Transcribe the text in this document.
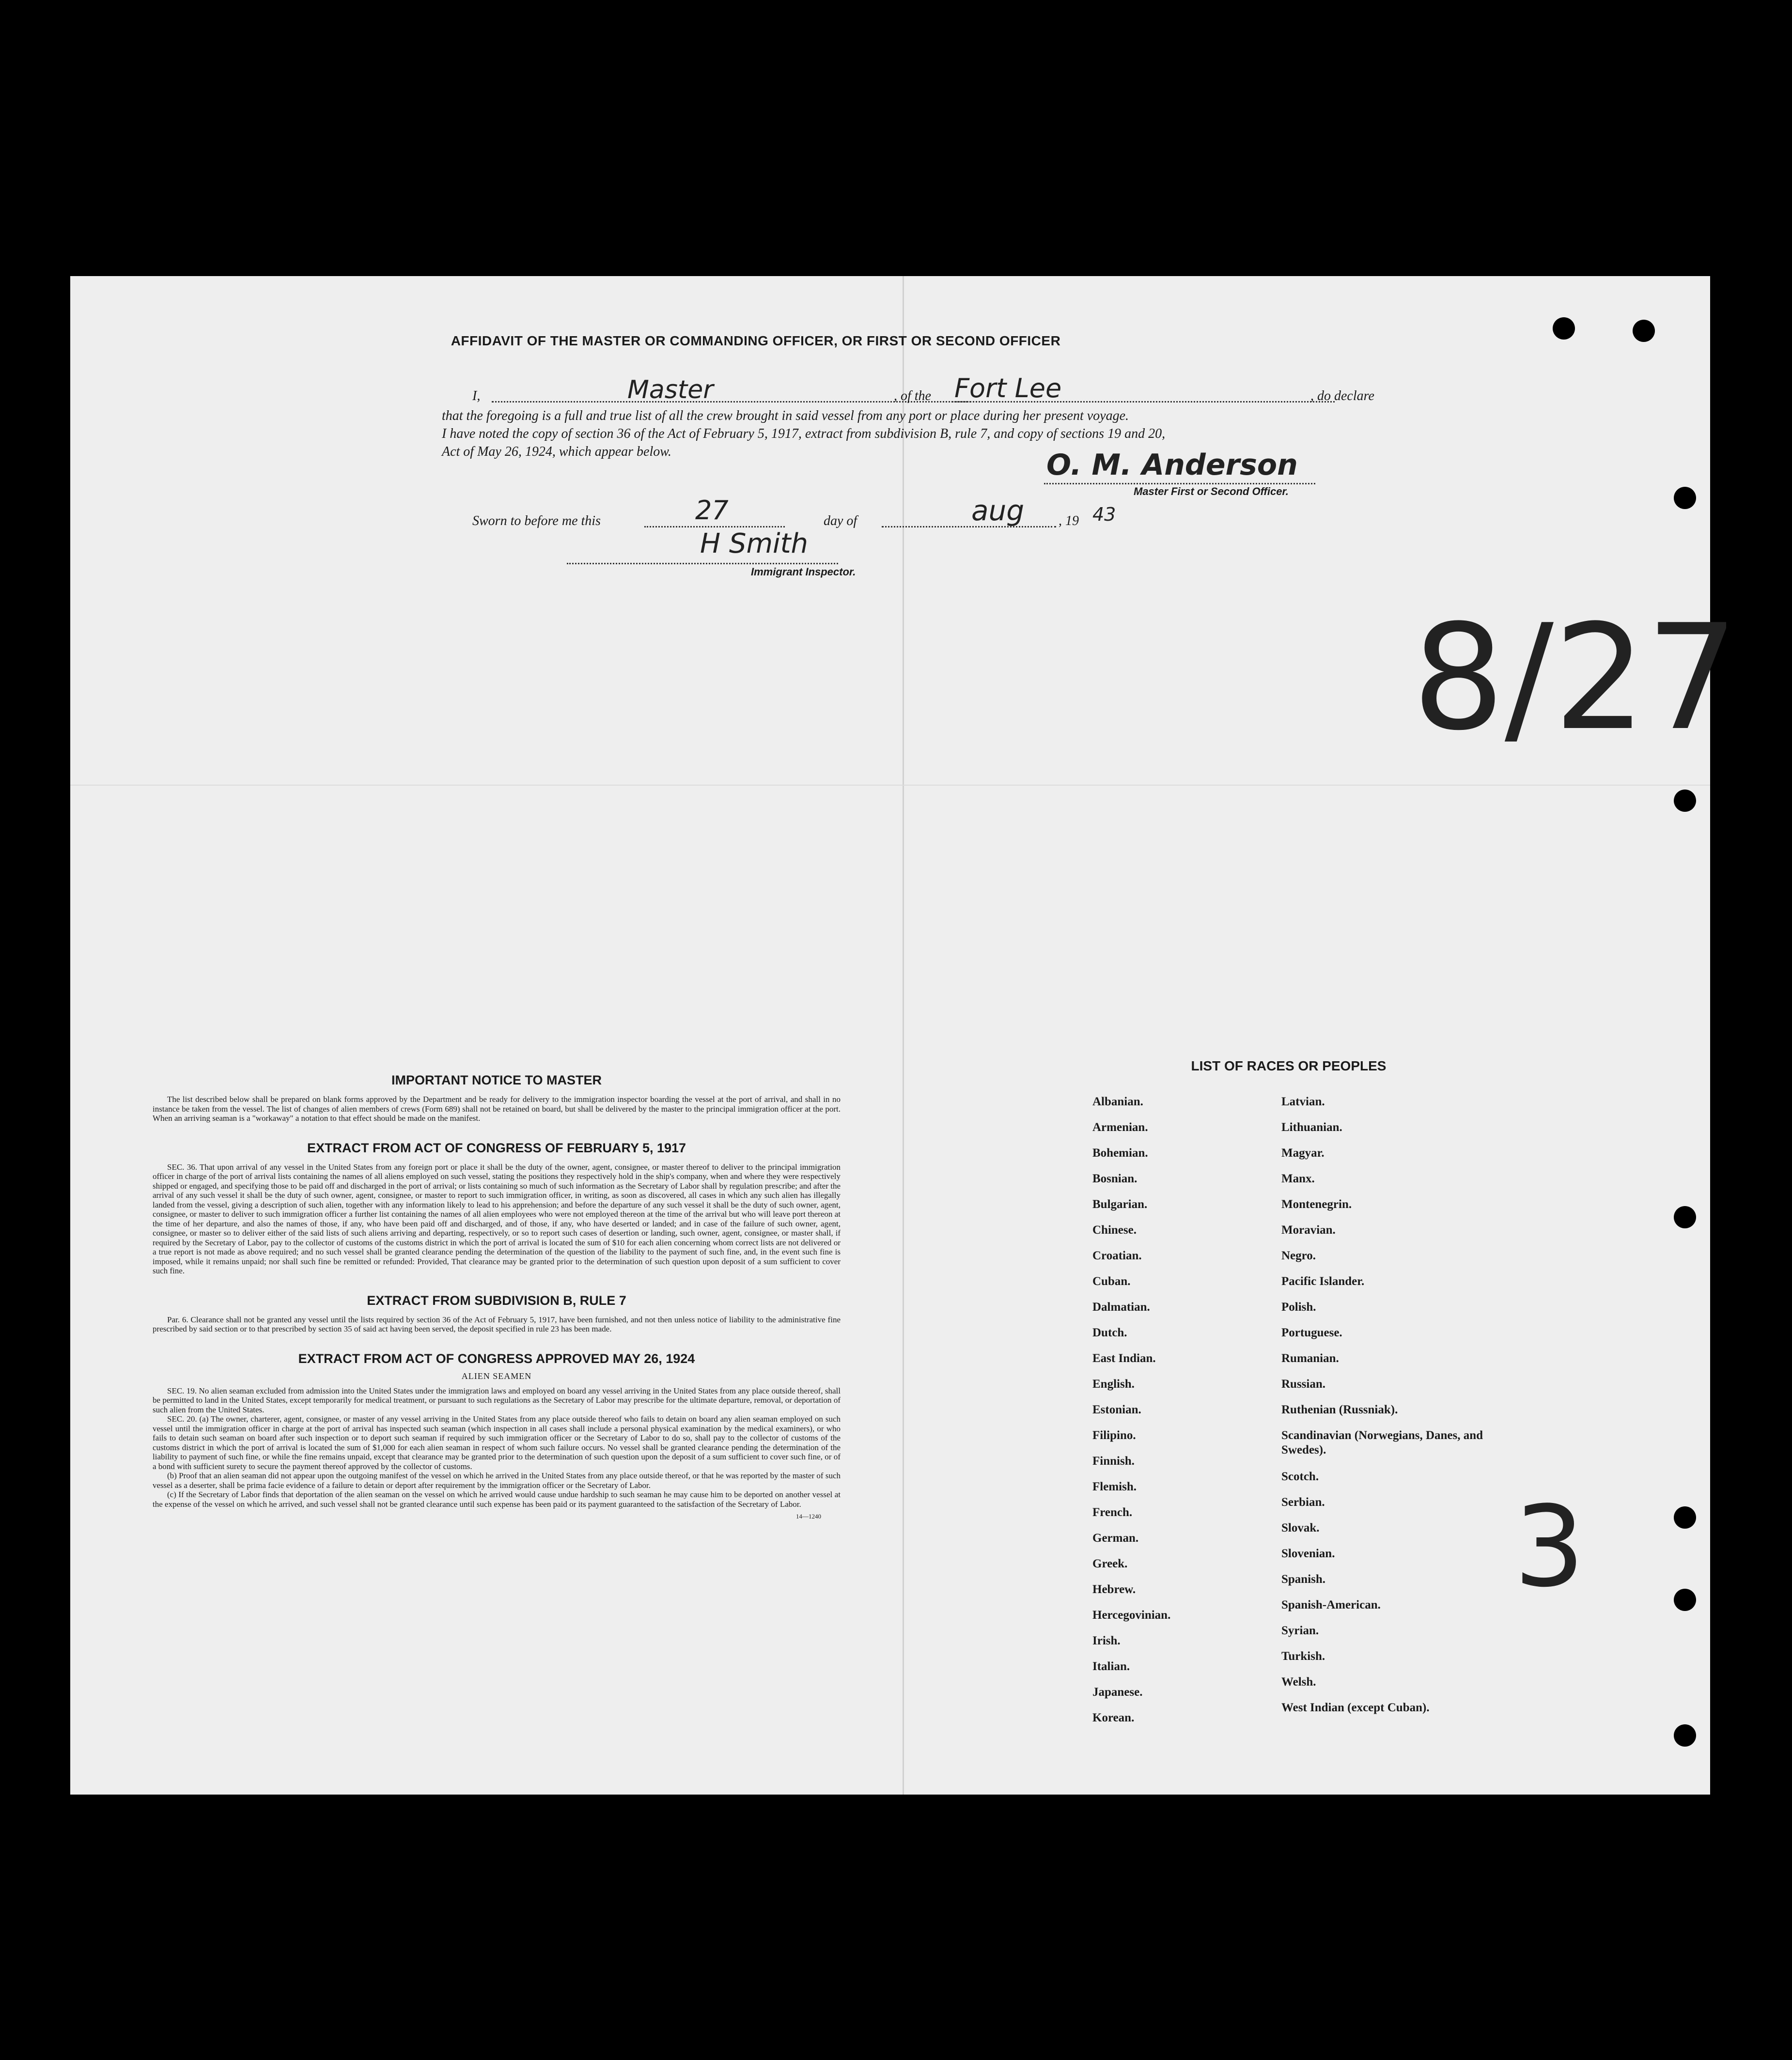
AFFIDAVIT OF THE MASTER OR COMMANDING OFFICER, OR FIRST OR SECOND OFFICER
I,	Master	, of the Fort Lee	, do declare
that the foregoing is a full and true list of all the crew brought in said vessel from any port or place during her present voyage.
I have noted the copy of section 36 of the Act of February 5, 1917, extract from subdivision B, rule 7, and copy of sections 19 and 20,
Act of May 26, 1924, which appear below.	O. M. Anderson
Master First or Second Officer.
Sworn to before me this	27	day of	aug	, 19 43
H Smith
Immigrant Inspector.
8/27
3
IMPORTANT NOTICE TO MASTER
The list described below shall be prepared on blank forms approved by the Department and be ready for delivery to the immigration inspector boarding the vessel at the port of arrival, and shall in no instance be taken from the vessel. The list of changes of alien members of crews (Form 689) shall not be retained on board, but shall be delivered by the master to the principal immigration officer at the port. When an arriving seaman is a "workaway" a notation to that effect should be made on the manifest.
EXTRACT FROM ACT OF CONGRESS OF FEBRUARY 5, 1917
SEC. 36. That upon arrival of any vessel in the United States from any foreign port or place it shall be the duty of the owner, agent, consignee, or master thereof to deliver to the principal immigration officer in charge of the port of arrival lists containing the names of all aliens employed on such vessel, stating the positions they respectively hold in the ship's company, when and where they were respectively shipped or engaged, and specifying those to be paid off and discharged in the port of arrival; or lists containing so much of such information as the Secretary of Labor shall by regulation prescribe; and after the arrival of any such vessel it shall be the duty of such owner, agent, consignee, or master to report to such immigration officer, in writing, as soon as discovered, all cases in which any such alien has illegally landed from the vessel, giving a description of such alien, together with any information likely to lead to his apprehension; and before the departure of any such vessel it shall be the duty of such owner, agent, consignee, or master to deliver to such immigration officer a further list containing the names of all alien employees who were not employed thereon at the time of the arrival but who will leave port thereon at the time of her departure, and also the names of those, if any, who have been paid off and discharged, and of those, if any, who have deserted or landed; and in case of the failure of such owner, agent, consignee, or master so to deliver either of the said lists of such aliens arriving and departing, respectively, or so to report such cases of desertion or landing, such owner, agent, consignee, or master shall, if required by the Secretary of Labor, pay to the collector of customs of the customs district in which the port of arrival is located the sum of $10 for each alien concerning whom correct lists are not delivered or a true report is not made as above required; and no such vessel shall be granted clearance pending the determination of the question of the liability to the payment of such fine, and, in the event such fine is imposed, while it remains unpaid; nor shall such fine be remitted or refunded: Provided, That clearance may be granted prior to the determination of such question upon deposit of a sum sufficient to cover such fine.
EXTRACT FROM SUBDIVISION B, RULE 7
Par. 6. Clearance shall not be granted any vessel until the lists required by section 36 of the Act of February 5, 1917, have been furnished, and not then unless notice of liability to the administrative fine prescribed by said section or to that prescribed by section 35 of said act having been served, the deposit specified in rule 23 has been made.
EXTRACT FROM ACT OF CONGRESS APPROVED MAY 26, 1924
ALIEN SEAMEN
SEC. 19. No alien seaman excluded from admission into the United States under the immigration laws and employed on board any vessel arriving in the United States from any place outside thereof, shall be permitted to land in the United States, except temporarily for medical treatment, or pursuant to such regulations as the Secretary of Labor may prescribe for the ultimate departure, removal, or deportation of such alien from the United States.
SEC. 20. (a) The owner, charterer, agent, consignee, or master of any vessel arriving in the United States from any place outside thereof who fails to detain on board any alien seaman employed on such vessel until the immigration officer in charge at the port of arrival has inspected such seaman (which inspection in all cases shall include a personal physical examination by the medical examiners), or who fails to detain such seaman on board after such inspection or to deport such seaman if required by such immigration officer or the Secretary of Labor to do so, shall pay to the collector of customs of the customs district in which the port of arrival is located the sum of $1,000 for each alien seaman in respect of whom such failure occurs. No vessel shall be granted clearance pending the determination of the liability to payment of such fine, or while the fine remains unpaid, except that clearance may be granted prior to the determination of such question upon the deposit of a sum sufficient to cover such fine, or of a bond with sufficient surety to secure the payment thereof approved by the collector of customs.
(b) Proof that an alien seaman did not appear upon the outgoing manifest of the vessel on which he arrived in the United States from any place outside thereof, or that he was reported by the master of such vessel as a deserter, shall be prima facie evidence of a failure to detain or deport after requirement by the immigration officer or the Secretary of Labor.
(c) If the Secretary of Labor finds that deportation of the alien seaman on the vessel on which he arrived would cause undue hardship to such seaman he may cause him to be deported on another vessel at the expense of the vessel on which he arrived, and such vessel shall not be granted clearance until such expense has been paid or its payment guaranteed to the satisfaction of the Secretary of Labor.
14—1240
LIST OF RACES OR PEOPLES
Albanian.
Armenian.
Bohemian.
Bosnian.
Bulgarian.
Chinese.
Croatian.
Cuban.
Dalmatian.
Dutch.
East Indian.
English.
Estonian.
Filipino.
Finnish.
Flemish.
French.
German.
Greek.
Hebrew.
Hercegovinian.
Irish.
Italian.
Japanese.
Korean.
Latvian.
Lithuanian.
Magyar.
Manx.
Montenegrin.
Moravian.
Negro.
Pacific Islander.
Polish.
Portuguese.
Rumanian.
Russian.
Ruthenian (Russniak).
Scandinavian (Norwegians, Danes, and Swedes).
Scotch.
Serbian.
Slovak.
Slovenian.
Spanish.
Spanish-American.
Syrian.
Turkish.
Welsh.
West Indian (except Cuban).
